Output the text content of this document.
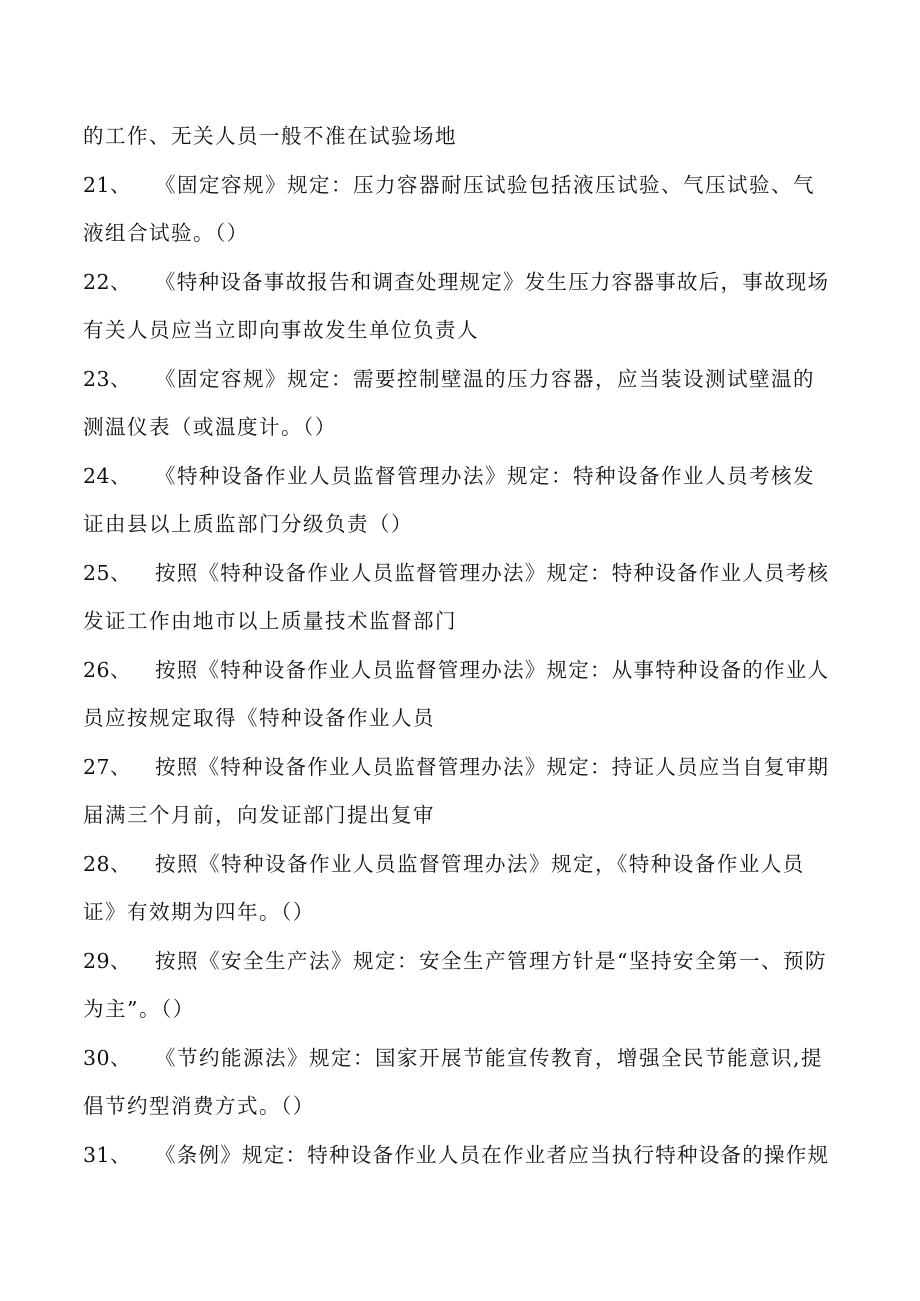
的工作、无关人员一般不准在试验场地
21、 《固定容规》规定：压力容器耐压试验包括液压试验、气压试验、气
液组合试验。（）
22、 《特种设备事故报告和调查处理规定》发生压力容器事故后，事故现场
有关人员应当立即向事故发生单位负责人
23、 《固定容规》规定：需要控制壁温的压力容器，应当装设测试壁温的
测温仪表（或温度计。（）
24、 《特种设备作业人员监督管理办法》规定：特种设备作业人员考核发
证由县以上质监部门分级负责（）
25、 按照《特种设备作业人员监督管理办法》规定：特种设备作业人员考核
发证工作由地市以上质量技术监督部门
26、 按照《特种设备作业人员监督管理办法》规定：从事特种设备的作业人
员应按规定取得《特种设备作业人员
27、 按照《特种设备作业人员监督管理办法》规定：持证人员应当自复审期
届满三个月前，向发证部门提出复审
28、 按照《特种设备作业人员监督管理办法》规定，《特种设备作业人员
证》有效期为四年。（）
29、 按照《安全生产法》规定：安全生产管理方针是“坚持安全第一、预防
为主”。（）
30、 《节约能源法》规定：国家开展节能宣传教育，增强全民节能意识,提
倡节约型消费方式。（）
31、 《条例》规定：特种设备作业人员在作业者应当执行特种设备的操作规
